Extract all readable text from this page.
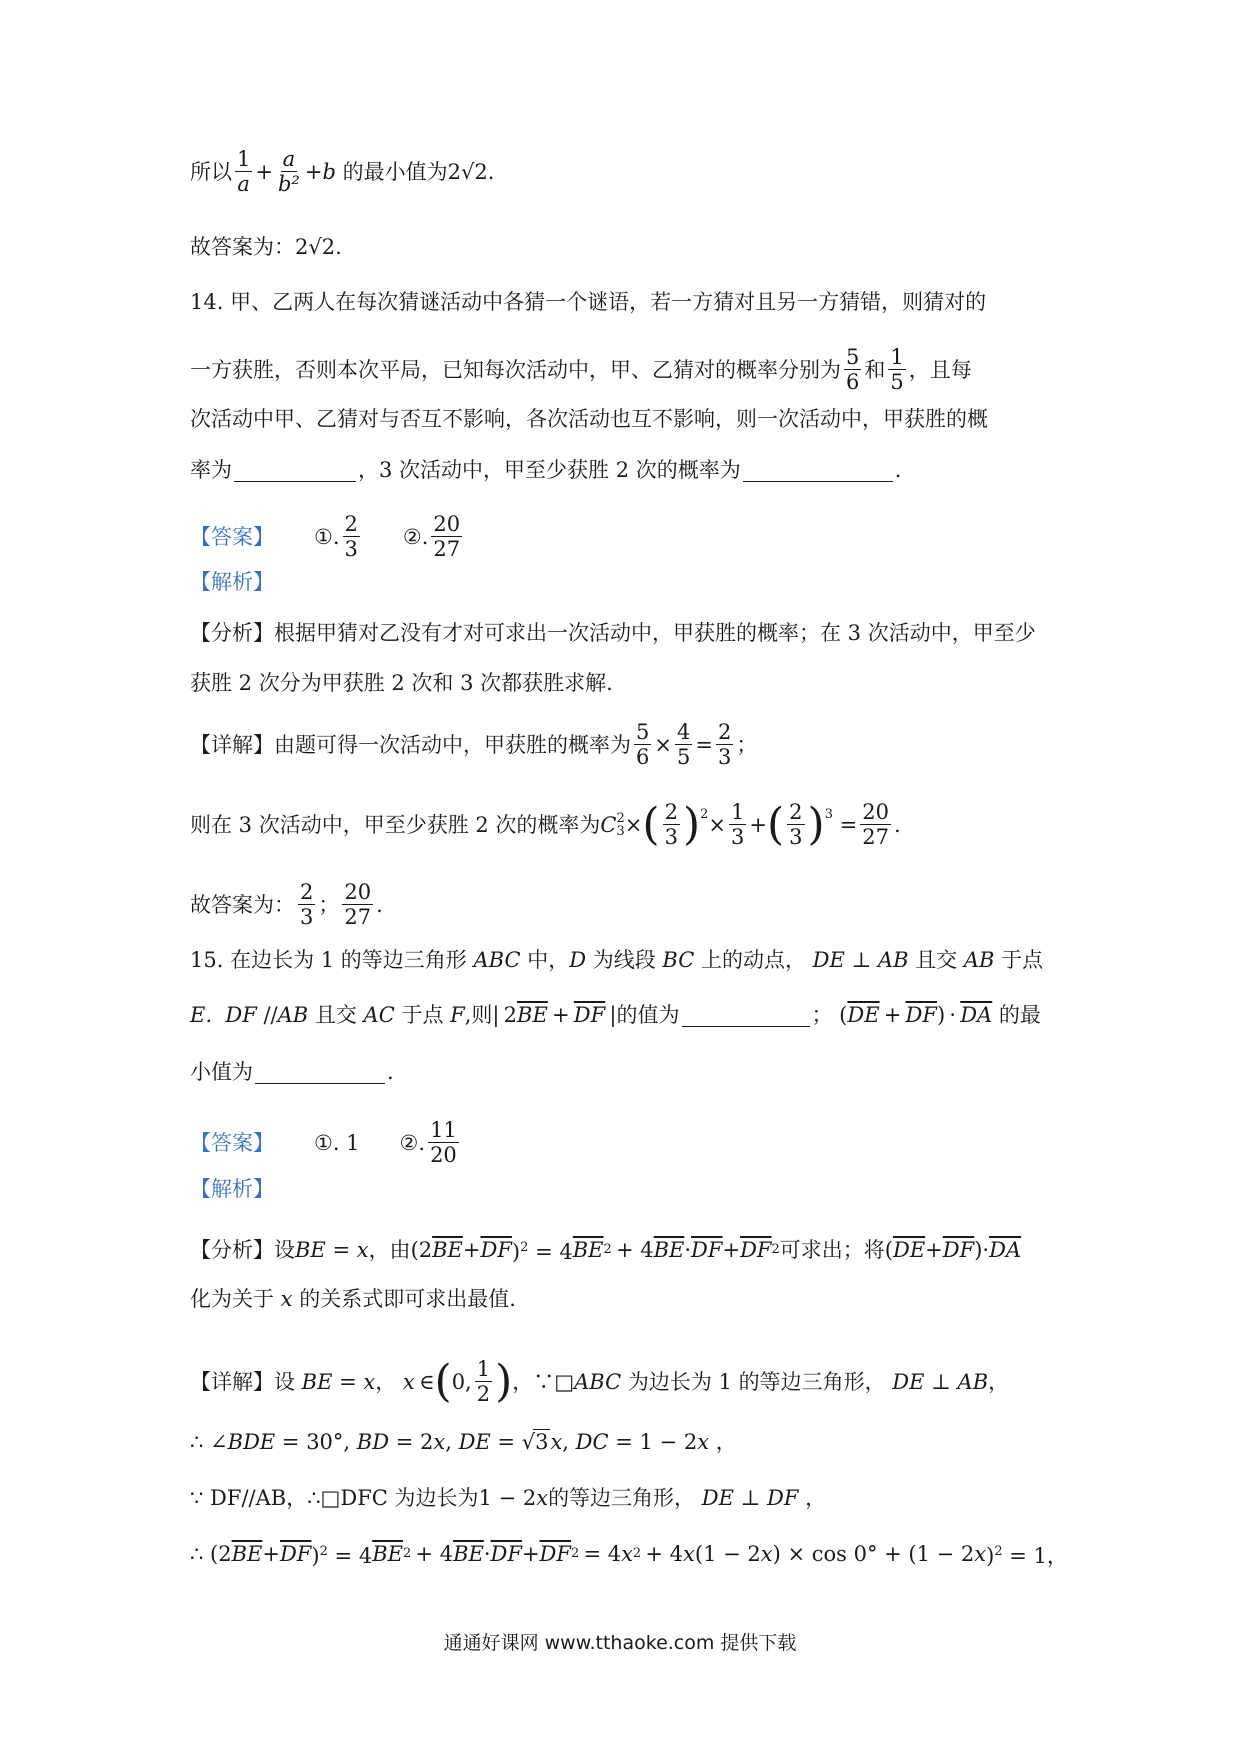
所以 $\frac{1}{a} + \frac{a}{\text{b²}} +b$ 的最小值为 2√2 .
故答案为： 2√2 .
14. 甲、乙两人在每次猜谜活动中各猜一个谜语，若一方猜对且另一方猜错，则猜对的
一方获胜，否则本次平局，已知每次活动中，甲、乙猜对的概率分别为 $\frac{5}{6}$ 和 $\frac{1}{5}$ ，且每
次活动中甲、乙猜对与否互不影响，各次活动也互不影响，则一次活动中，甲获胜的概
率为	，3 次活动中，甲至少获胜 2 次的概率为	.
【答案】 ①. $\frac{2}{3}$ ②. $\frac{20}{27}$
【解析】
【分析】 根据甲猜对乙没有才对可求出一次活动中，甲获胜的概率；在 3 次活动中，甲至少
获胜 2 次分为甲获胜 2 次和 3 次都获胜求解.
【详解】 由题可得一次活动中，甲获胜的概率为 $\frac{5}{6} \times \frac{4}{5} = \frac{2}{3}$ ；
则在 3 次活动中，甲至少获胜 2 次的概率为 C 2
3 × ( $\frac{2}{3}$ ) $2 \times \frac{1}{3}$ + ( $\frac{2}{3}$ ) $3 = \frac{20}{27}$ .
故答案为： $\frac{2}{3}$ ； $\frac{20}{27}$ .
15. 在边长为 1 的等边三角形 ABC 中， D 为线段 BC 上的动点， DE ⊥ AB 且交 AB 于点
E.  DF // AB 且交 AC 于点 F ,则 | 2 $\overline{BE} + \overline{DF}$  | 的值为	； ( $\overline{DE} + \overline{DF}$ ) ·  $\overline{DA}$
的最
小值为	.
【答案】 ①. 1 ②. $\frac{11}{20}$
【解析】
【分析】 设 BE = x ，由 (2 $\overline{BE} + \overline{DF}$ )$^2$ = 4 $\overline{BE}$ 2  + 4 $\overline{BE} \cdot \overline{DF} + \overline{DF}$ 2 可求出；将 ( $\overline{DE} + \overline{DF}$ )· $\overline{DA}$
化为关于 x 的关系式即可求出最值.
【详解】 设 BE = x ， x  ∈ ( 0, $\frac{1}{2}$ ) ，∵□ ABC 为边长为 1 的等边三角形， DE ⊥ AB ，
∴ ∠ BDE = 30°, BD = 2 x , DE = √3 x , DC = 1 − 2 x ，
∵ DF//AB，∴□DFC 为边长为 1 − 2 x 的等边三角形， DE ⊥ DF ，
∴ (2 $\overline{BE} + \overline{DF}$ )$^2$ = 4 $\overline{BE}$ 2  + 4 $\overline{BE} \cdot \overline{DF} + \overline{DF}$ 2  = 4 x 2  + 4 x (1 − 2 x ) × cos 0° + (1 − 2 x )$^2$ = 1，
通通好课网 www.tthaoke.com 提供下载
